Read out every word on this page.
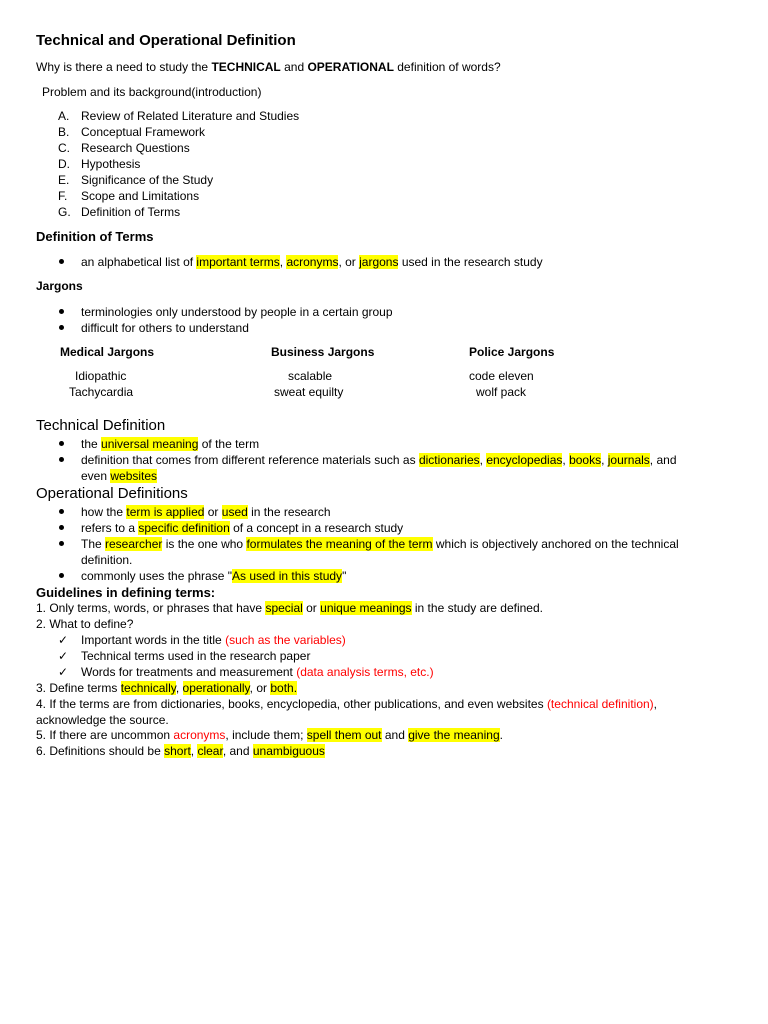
Technical and Operational Definition
Why is there a need to study the TECHNICAL and OPERATIONAL definition of words?
Problem and its background(introduction)
A. Review of Related Literature and Studies
B. Conceptual Framework
C. Research Questions
D. Hypothesis
E. Significance of the Study
F. Scope and Limitations
G. Definition of Terms
Definition of Terms
an alphabetical list of important terms, acronyms, or jargons used in the research study
Jargons
terminologies only understood by people in a certain group
difficult for others to understand
Medical Jargons	Business Jargons	Police Jargons
Idiopathic
Tachycardia
scalable
sweat equilty
code eleven
wolf pack
Technical Definition
the universal meaning of the term
definition that comes from different reference materials such as dictionaries, encyclopedias, books, journals, and
even websites
Operational Definitions
how the term is applied or used in the research
refers to a specific definition of a concept in a research study
The researcher is the one who formulates the meaning of the term which is objectively anchored on the technical
definition.
commonly uses the phrase "As used in this study"
Guidelines in defining terms:
1. Only terms, words, or phrases that have special or unique meanings in the study are defined.
2. What to define?
✓ Important words in the title (such as the variables)
✓ Technical terms used in the research paper
✓ Words for treatments and measurement (data analysis terms, etc.)
3. Define terms technically, operationally, or both.
4. If the terms are from dictionaries, books, encyclopedia, other publications, and even websites (technical definition),
acknowledge the source.
5. If there are uncommon acronyms, include them; spell them out and give the meaning.
6. Definitions should be short, clear, and unambiguous
